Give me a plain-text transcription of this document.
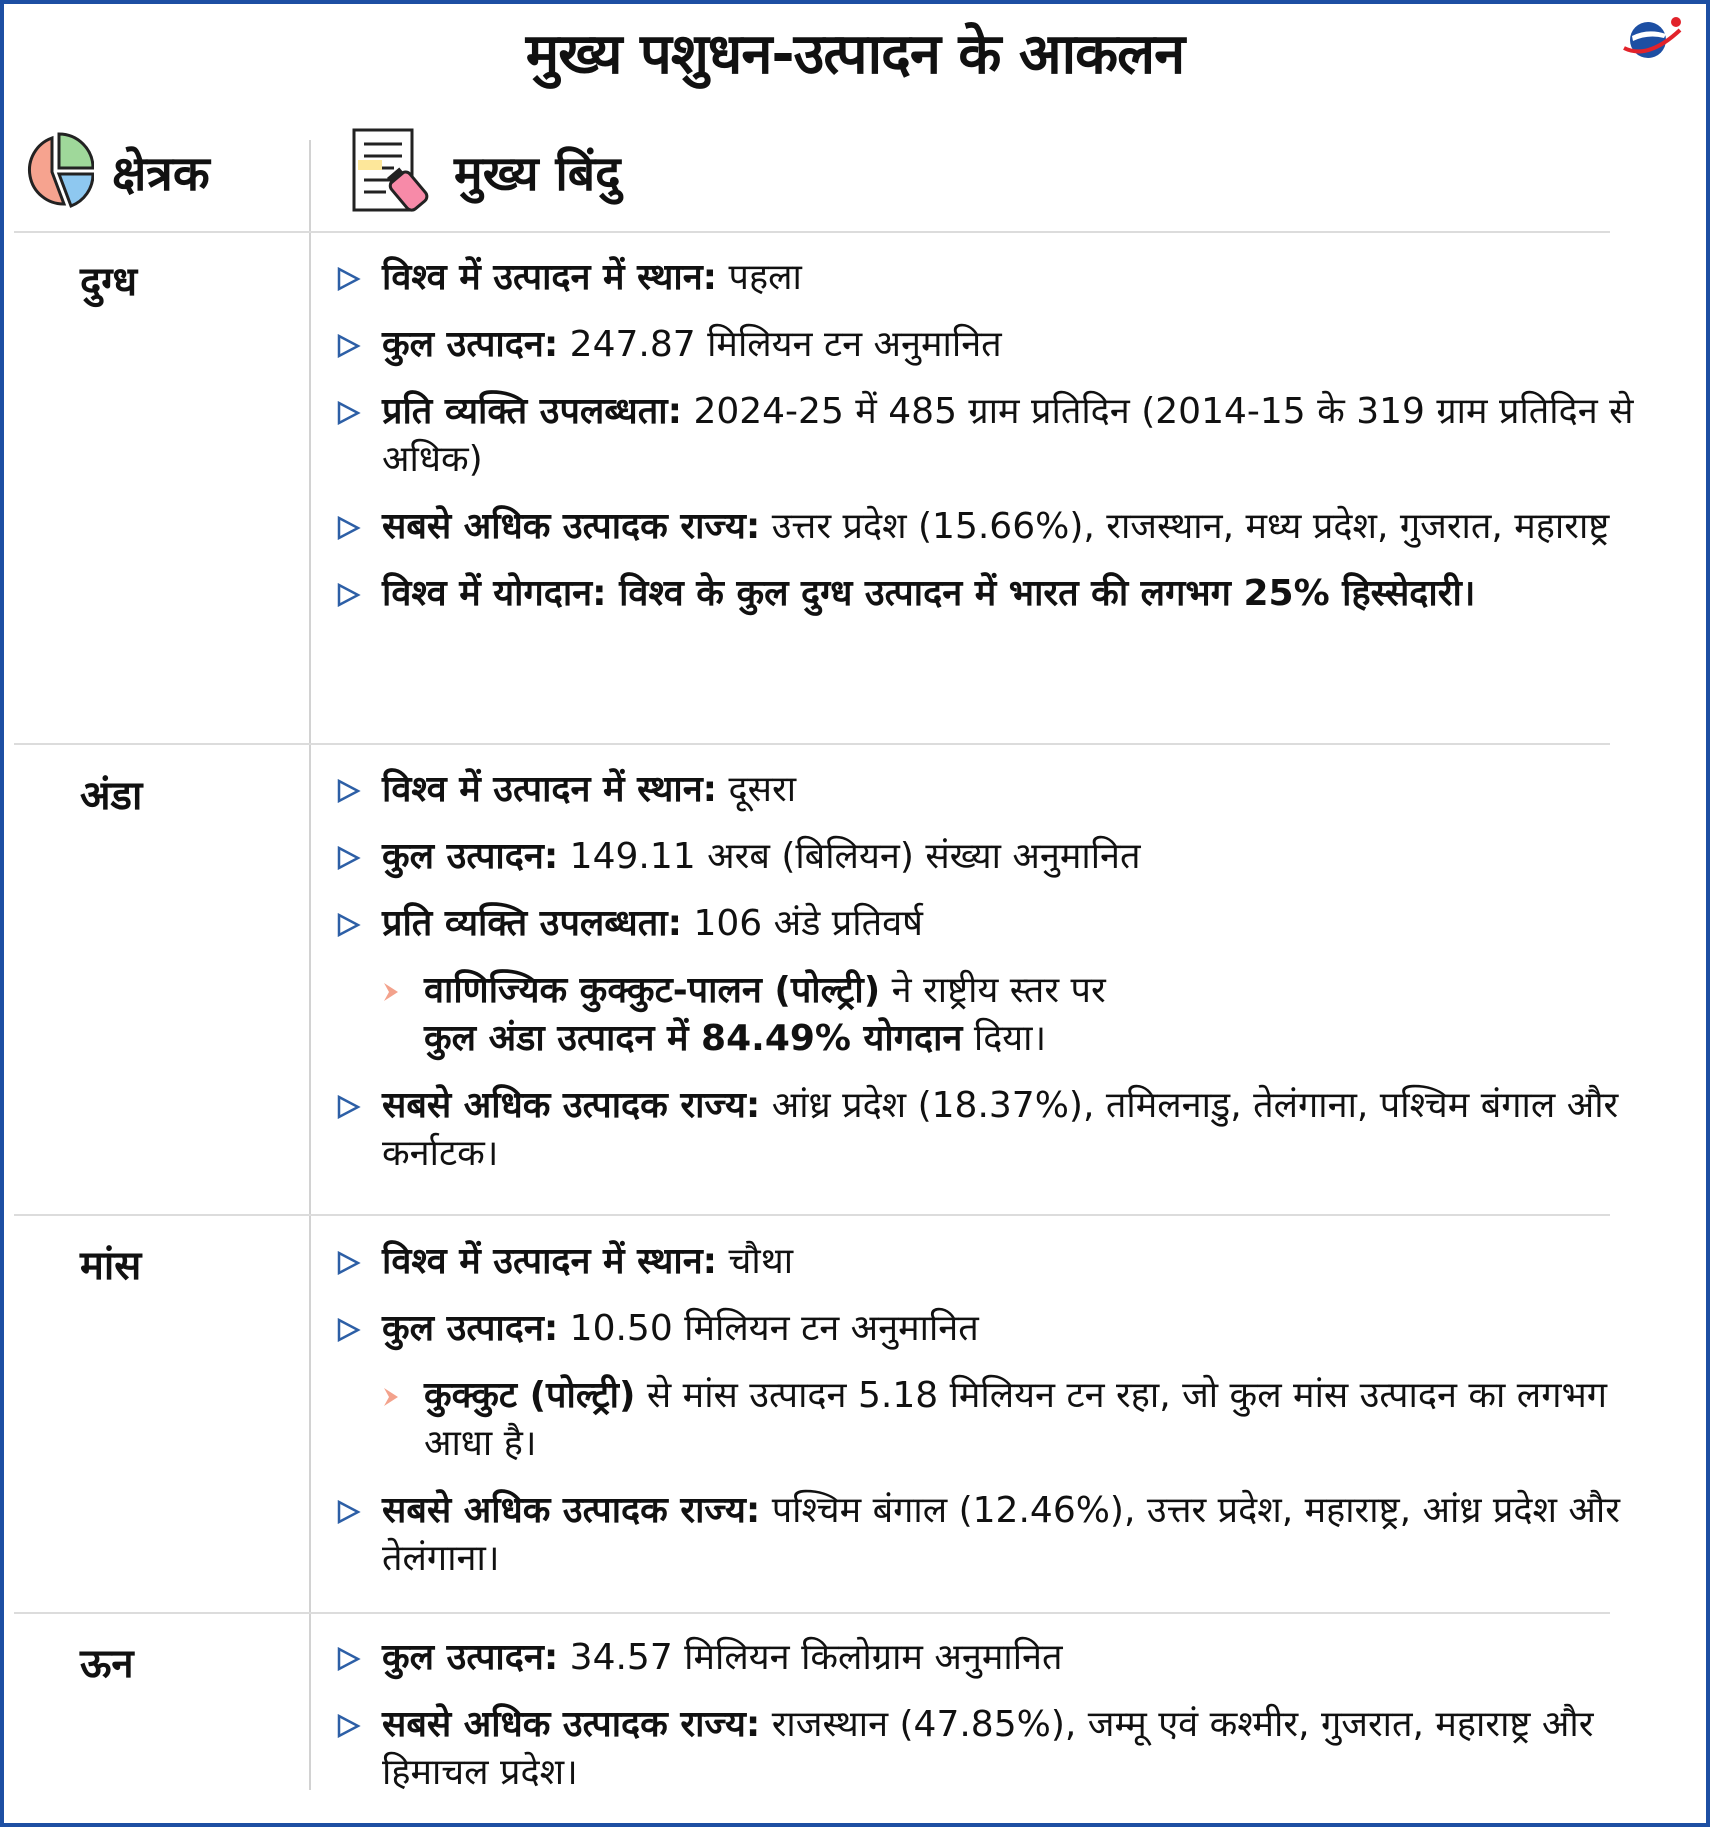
मुख्य पशुधन-उत्पादन के आकलन
क्षेत्रक	मुख्य बिंदु
दुग्ध	विश्व में उत्पादन में स्थान: पहला
कुल उत्पादन: 247.87 मिलियन टन अनुमानित
प्रति व्यक्ति उपलब्धता: 2024-25 में 485 ग्राम प्रतिदिन (2014-15 के 319 ग्राम प्रतिदिन से अधिक)
सबसे अधिक उत्पादक राज्य: उत्तर प्रदेश (15.66%), राजस्थान, मध्य प्रदेश, गुजरात, महाराष्ट्र
विश्व में योगदान: विश्व के कुल दुग्ध उत्पादन में भारत की लगभग 25% हिस्सेदारी।
अंडा	विश्व में उत्पादन में स्थान: दूसरा
कुल उत्पादन: 149.11 अरब (बिलियन) संख्या अनुमानित
प्रति व्यक्ति उपलब्धता: 106 अंडे प्रतिवर्ष
वाणिज्यिक कुक्कुट-पालन (पोल्ट्री) ने राष्ट्रीय स्तर पर
कुल अंडा उत्पादन में 84.49% योगदान दिया।
सबसे अधिक उत्पादक राज्य: आंध्र प्रदेश (18.37%), तमिलनाडु, तेलंगाना, पश्चिम बंगाल और कर्नाटक।
मांस	विश्व में उत्पादन में स्थान: चौथा
कुल उत्पादन: 10.50 मिलियन टन अनुमानित
कुक्कुट (पोल्ट्री) से मांस उत्पादन 5.18 मिलियन टन रहा, जो कुल मांस उत्पादन का लगभग आधा है।
सबसे अधिक उत्पादक राज्य: पश्चिम बंगाल (12.46%), उत्तर प्रदेश, महाराष्ट्र, आंध्र प्रदेश और तेलंगाना।
ऊन	कुल उत्पादन: 34.57 मिलियन किलोग्राम अनुमानित
सबसे अधिक उत्पादक राज्य: राजस्थान (47.85%), जम्मू एवं कश्मीर, गुजरात, महाराष्ट्र और हिमाचल प्रदेश।
